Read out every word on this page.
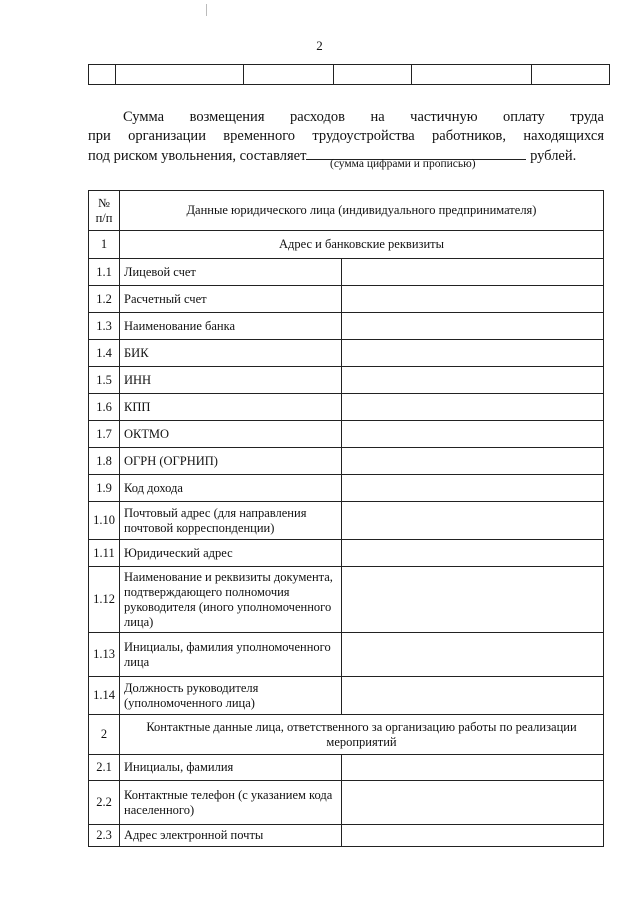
2

Сумма возмещения расходов на частичную оплату труда
при организации временного трудоустройства работников, находящихся
под риском увольнения, составляет	рублей.
(сумма цифрами и прописью)
№ п/п	Данные юридического лица (индивидуального предпринимателя)	
1	Адрес и банковские реквизиты	
1.1	Лицевой счет	
1.2	Расчетный счет	
1.3	Наименование банка	
1.4	БИК	
1.5	ИНН	
1.6	КПП	
1.7	ОКТМО	
1.8	ОГРН (ОГРНИП)	
1.9	Код дохода	
1.10	Почтовый адрес (для направления почтовой корреспонденции)	
1.11	Юридический адрес	
1.12	Наименование и реквизиты документа, подтверждающего полномочия руководителя (иного уполномоченного лица)	
1.13	Инициалы, фамилия уполномоченного лица	
1.14	Должность руководителя (уполномоченного лица)	
2	Контактные данные лица, ответственного за организацию работы по реализации мероприятий	
2.1	Инициалы, фамилия	
2.2	Контактные телефон (с указанием кода населенного)	
2.3	Адрес электронной почты	
